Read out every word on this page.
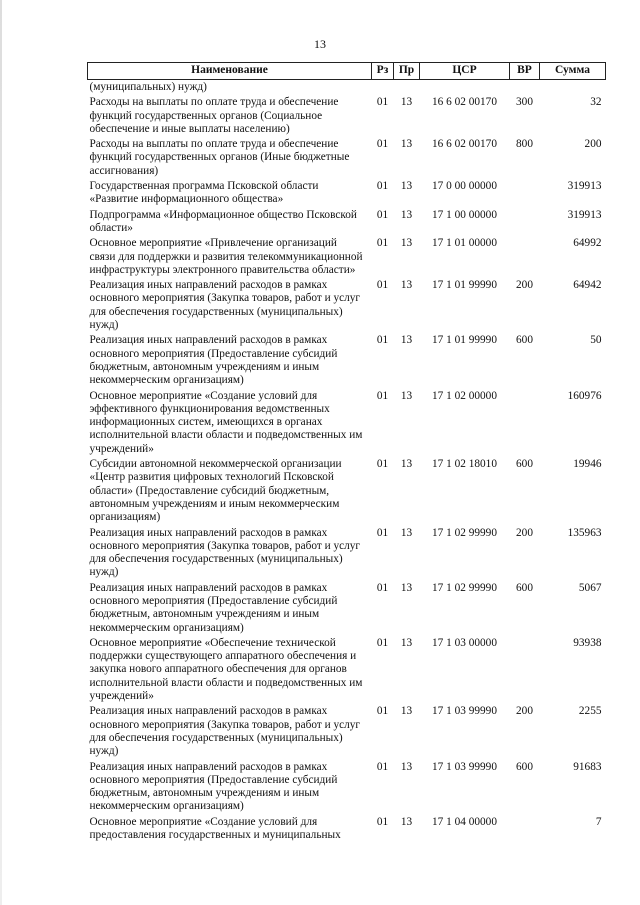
13
Наименование	Рз	Пр	ЦСР	ВР	Сумма
(муниципальных) нужд)					
Расходы на выплаты по оплате труда и обеспечение функций государственных органов (Социальное обеспечение и иные выплаты населению)	01	13	16 6 02 00170	300	32
Расходы на выплаты по оплате труда и обеспечение функций государственных органов (Иные бюджетные ассигнования)	01	13	16 6 02 00170	800	200
Государственная программа Псковской области «Развитие информационного общества»	01	13	17 0 00 00000		319913
Подпрограмма «Информационное общество Псковской области»	01	13	17 1 00 00000		319913
Основное мероприятие «Привлечение организаций связи для поддержки и развития телекоммуникационной инфраструктуры электронного правительства области»	01	13	17 1 01 00000		64992
Реализация иных направлений расходов в рамках основного мероприятия (Закупка товаров, работ и услуг для обеспечения государственных (муниципальных) нужд)	01	13	17 1 01 99990	200	64942
Реализация иных направлений расходов в рамках основного мероприятия (Предоставление субсидий бюджетным, автономным учреждениям и иным некоммерческим организациям)	01	13	17 1 01 99990	600	50
Основное мероприятие «Создание условий для эффективного функционирования ведомственных информационных систем, имеющихся в органах исполнительной власти области и подведомственных им учреждений»	01	13	17 1 02 00000		160976
Субсидии автономной некоммерческой организации «Центр развития цифровых технологий Псковской области» (Предоставление субсидий бюджетным, автономным учреждениям и иным некоммерческим организациям)	01	13	17 1 02 18010	600	19946
Реализация иных направлений расходов в рамках основного мероприятия (Закупка товаров, работ и услуг для обеспечения государственных (муниципальных) нужд)	01	13	17 1 02 99990	200	135963
Реализация иных направлений расходов в рамках основного мероприятия (Предоставление субсидий бюджетным, автономным учреждениям и иным некоммерческим организациям)	01	13	17 1 02 99990	600	5067
Основное мероприятие «Обеспечение технической поддержки существующего аппаратного обеспечения и закупка нового аппаратного обеспечения для органов исполнительной власти области и подведомственных им учреждений»	01	13	17 1 03 00000		93938
Реализация иных направлений расходов в рамках основного мероприятия (Закупка товаров, работ и услуг для обеспечения государственных (муниципальных) нужд)	01	13	17 1 03 99990	200	2255
Реализация иных направлений расходов в рамках основного мероприятия (Предоставление субсидий бюджетным, автономным учреждениям и иным некоммерческим организациям)	01	13	17 1 03 99990	600	91683
Основное мероприятие «Создание условий для предоставления государственных и муниципальных	01	13	17 1 04 00000		7
